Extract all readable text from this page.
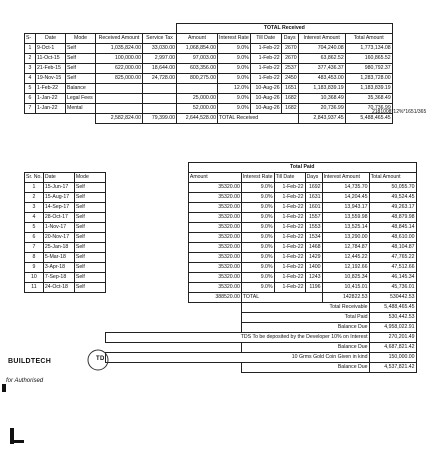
					TOTAL Received					
S-	Date	Mode	Received Amount	Service Tax	Amount	Interest Rate	Till Date	Days	Interest Amount	Total Amount
1	9-Oct-1	Self	1,035,824.00	33,030.00	1,068,854.00	9.0%	1-Feb-22	2670	704,240.08	1,773,134.08
2	11-Oct-15	Self	100,000.00	2,997.00	97,003.00	9.0%	1-Feb-22	2670	63,862.52	160,865.52
3	21-Feb-15	Self	622,000.00	18,644.00	603,356.00	9.0%	1-Feb-22	2537	377,436.37	980,792.37
4	19-Nov-15	Self	825,000.00	24,728.00	800,275.00	9.0%	1-Feb-22	2450	483,453.00	1,283,728.00
5	1-Feb-22	Balance				12.0%	10-Aug-26	1651	1,183,839.19	1,183,839.19
6	1-Jan-22	Legal Fees			25,000.00	9.0%	10-Aug-26	1682	10,368.49	35,368.49
7	1-Jan-22	Mental			52,000.00	9.0%	10-Aug-26	1682	20,736.99	70,736.99
			2,582,824.00	79,399.00	2,644,528.00	TOTAL Received			2,843,937.45	5,488,465.45
2181008*12%*1651/365
				Total Paid					
Sr. No.	Date	Mode		Amount	Interest Rate	Till Date	Days	Interest Amount	Total Amount
1	15-Jun-17	Self		35320.00	9.0%	1-Feb-22	1692	14,735.70	50,055.70
2	15-Aug-17	Self		35320.00	9.0%	1-Feb-22	1631	14,204.45	49,524.45
3	14-Sep-17	Self		35320.00	9.0%	1-Feb-22	1601	13,943.17	49,263.17
4	28-Oct-17	Self		35320.00	9.0%	1-Feb-22	1557	13,559.98	48,879.98
5	1-Nov-17	Self		35320.00	9.0%	1-Feb-22	1553	13,525.14	48,845.14
6	20-Nov-17	Self		35320.00	9.0%	1-Feb-22	1534	13,290.00	48,610.00
7	25-Jan-18	Self		35320.00	9.0%	1-Feb-22	1468	12,784.87	48,104.87
8	5-Mar-18	Self		35320.00	9.0%	1-Feb-22	1429	12,445.22	47,765.22
9	3-Apr-18	Self		35320.00	9.0%	1-Feb-22	1400	12,192.66	47,512.66
10	7-Sep-18	Self		35320.00	9.0%	1-Feb-22	1243	10,825.34	46,145.34
11	24-Oct-18	Self		35320.00	9.0%	1-Feb-22	1196	10,415.01	45,736.01
				388520.00	TOTAL			142822.53	530442.53
					Total Receivable				5,488,465.45
					Total Paid				530,442.53
					Balance Due				4,958,022.91
			TDS To be deposited by the Developer 10% on Interest						270,201.49
					Balance Due				4,687,821.42
			10 Grms Gold Coin Given in kind						150,000.00
					Balance Due				4,537,821.42
BUILDTECH	TD
for Authorised
